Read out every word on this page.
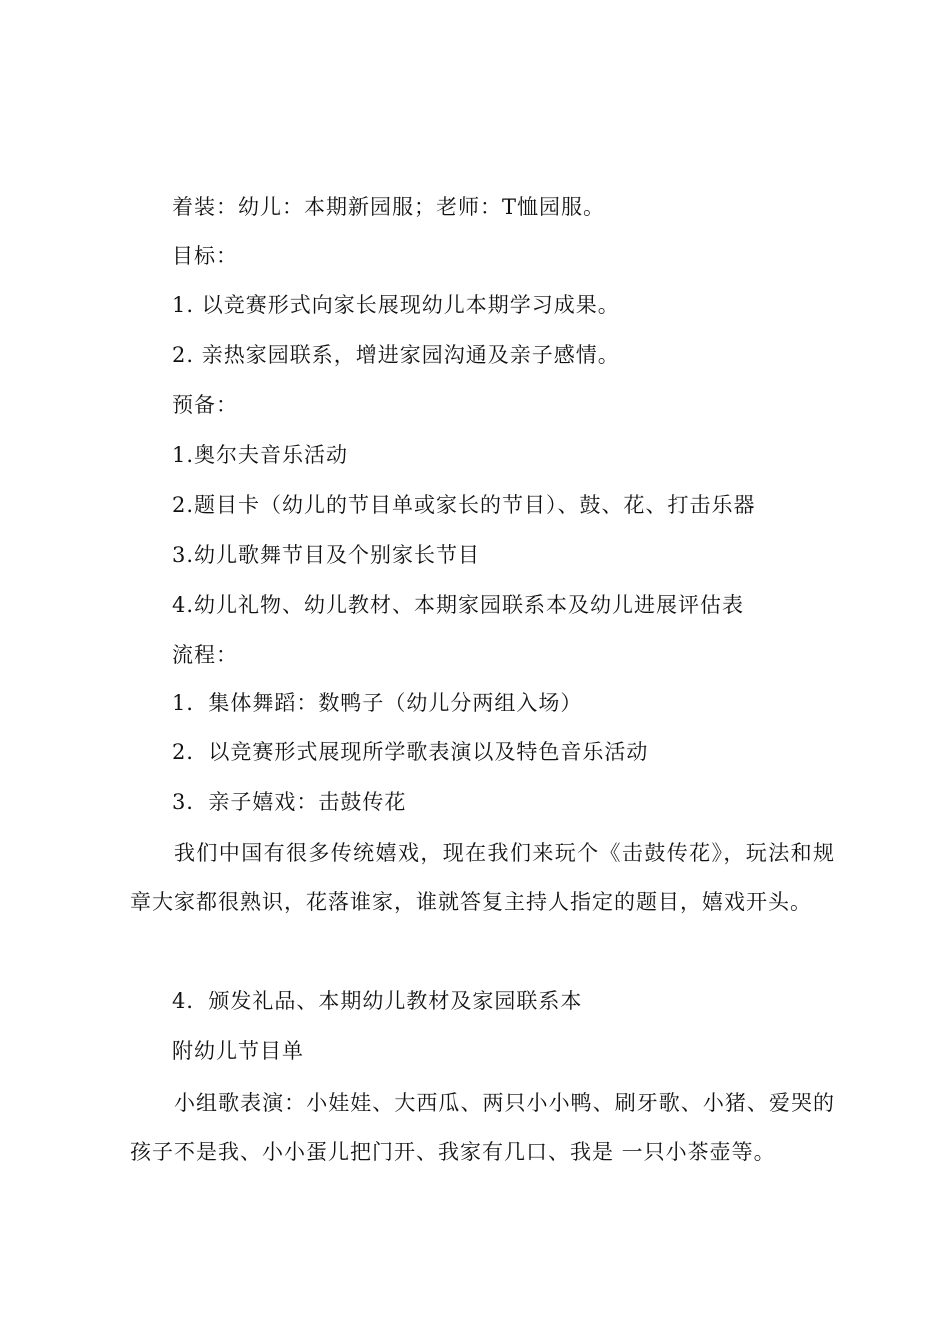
着装：幼儿：本期新园服；老师：T恤园服。
目标：
1. 以竞赛形式向家长展现幼儿本期学习成果。
2. 亲热家园联系，增进家园沟通及亲子感情。
预备：
1.奥尔夫音乐活动
2.题目卡（幼儿的节目单或家长的节目）、鼓、花、打击乐器
3.幼儿歌舞节目及个别家长节目
4.幼儿礼物、幼儿教材、本期家园联系本及幼儿进展评估表
流程：
1．集体舞蹈：数鸭子（幼儿分两组入场）
2．以竞赛形式展现所学歌表演以及特色音乐活动
3．亲子嬉戏：击鼓传花
我们中国有很多传统嬉戏，现在我们来玩个《击鼓传花》，玩法和规章大家都很熟识，花落谁家，谁就答复主持人指定的题目，嬉戏开头。
4．颁发礼品、本期幼儿教材及家园联系本
附幼儿节目单
小组歌表演：小娃娃、大西瓜、两只小小鸭、刷牙歌、小猪、爱哭的孩子不是我、小小蛋儿把门开、我家有几口、我是 一只小茶壶等。
